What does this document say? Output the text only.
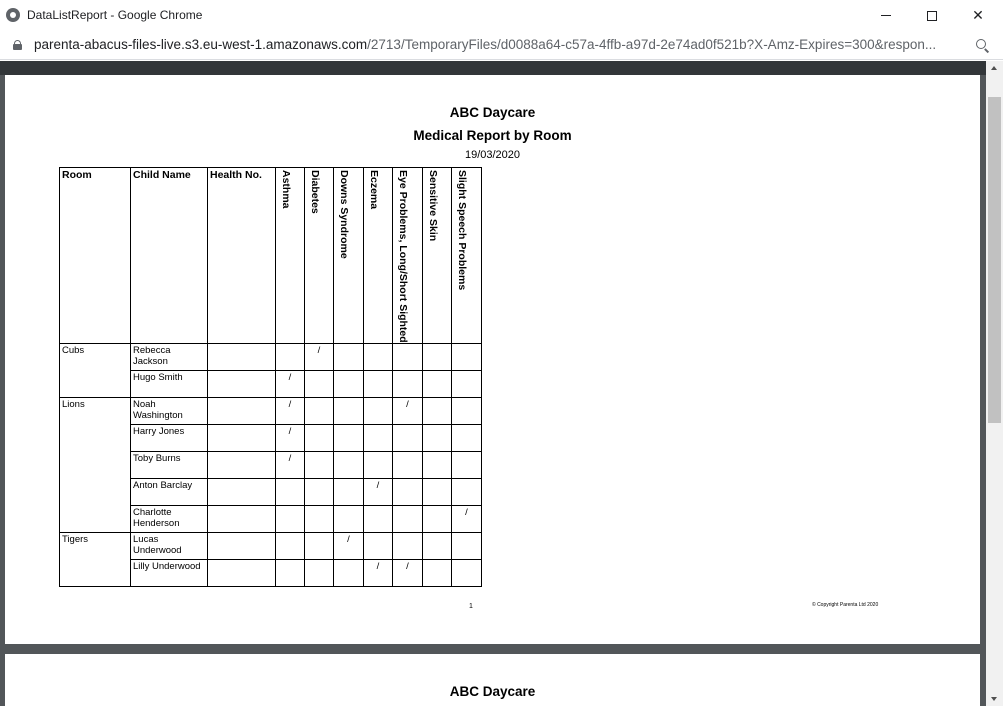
DataListReport - Google Chrome	✕
parenta-abacus-files-live.s3.eu-west-1.amazonaws.com/2713/TemporaryFiles/d0088a64-c57a-4ffb-a97d-2e74ad0f521b?X-Amz-Expires=300&respon...
ABC Daycare
Medical Report by Room
19/03/2020
Room	Child Name	Health No.	Asthma	Diabetes	Downs Syndrome	Eczema	Eye Problems, Long/Short Sighted	Sensitive Skin	Slight Speech Problems

Cubs	Rebecca Jackson			/					
	Hugo Smith		/						
Lions	Noah Washington		/				/		
	Harry Jones		/						
	Toby Burns		/						
	Anton Barclay					/			
	Charlotte Henderson								/
Tigers	Lucas Underwood				/				
	Lilly Underwood					/	/		
1	© Copyright Parenta Ltd 2020
ABC Daycare
